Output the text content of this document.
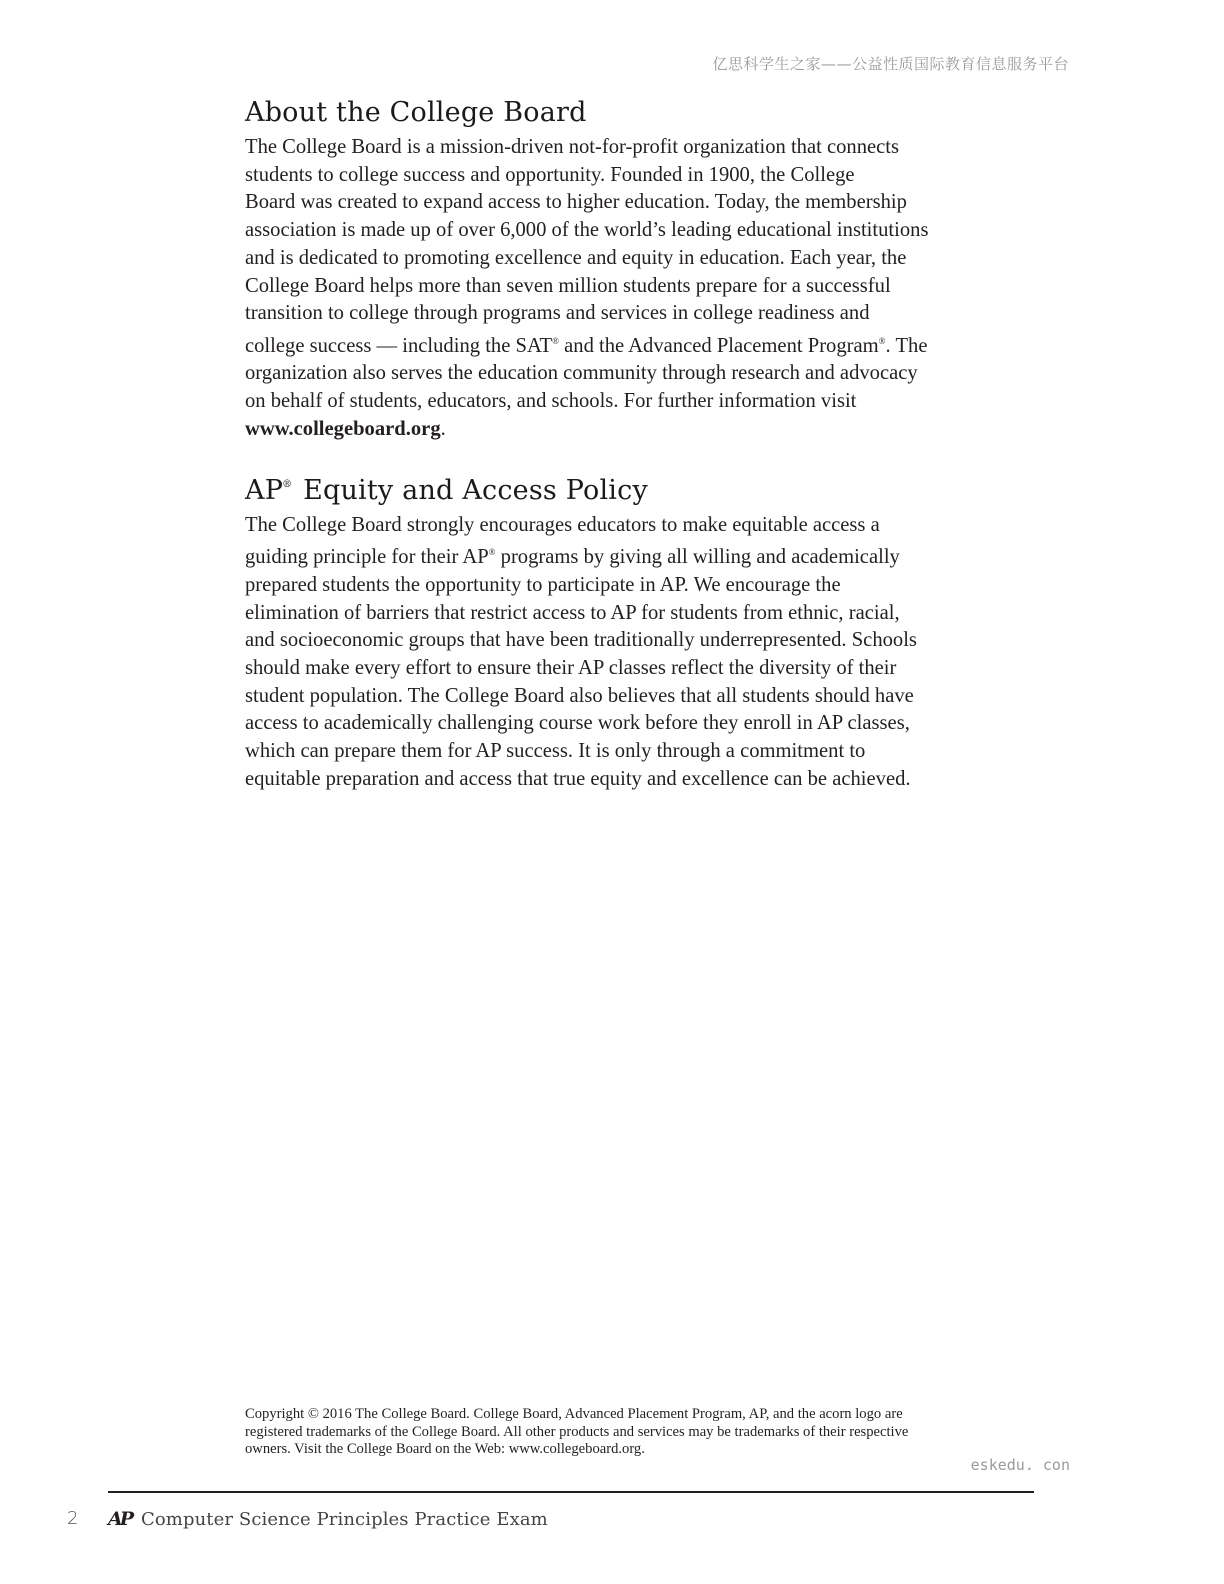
亿思科学生之家——公益性质国际教育信息服务平台
About the College Board

The College Board is a mission-driven not-for-profit organization that connects
students to college success and opportunity. Founded in 1900, the College
Board was created to expand access to higher education. Today, the membership
association is made up of over 6,000 of the world’s leading educational institutions
and is dedicated to promoting excellence and equity in education. Each year, the
College Board helps more than seven million students prepare for a successful
transition to college through programs and services in college readiness and
college success — including the SAT® and the Advanced Placement Program®. The
organization also serves the education community through research and advocacy
on behalf of students, educators, and schools. For further information visit
www.collegeboard.org.

AP® Equity and Access Policy

The College Board strongly encourages educators to make equitable access a
guiding principle for their AP® programs by giving all willing and academically
prepared students the opportunity to participate in AP. We encourage the
elimination of barriers that restrict access to AP for students from ethnic, racial,
and socioeconomic groups that have been traditionally underrepresented. Schools
should make every effort to ensure their AP classes reflect the diversity of their
student population. The College Board also believes that all students should have
access to academically challenging course work before they enroll in AP classes,
which can prepare them for AP success. It is only through a commitment to
equitable preparation and access that true equity and excellence can be achieved.

Copyright © 2016 The College Board. College Board, Advanced Placement Program, AP, and the acorn logo are
registered trademarks of the College Board. All other products and services may be trademarks of their respective
owners. Visit the College Board on the Web: www.collegeboard.org.
eskedu. con
2 AP Computer Science Principles Practice Exam
